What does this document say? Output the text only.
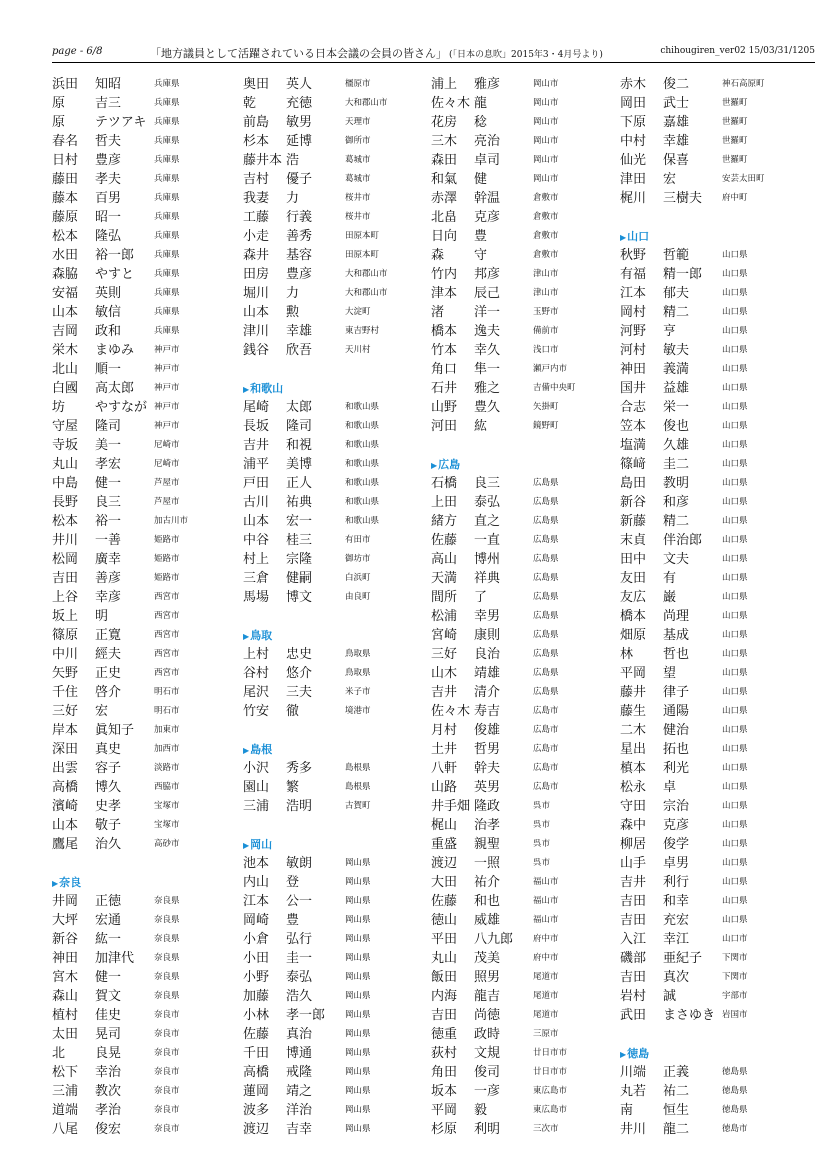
page - 6/8	「地方議員として活躍されている日本会議の会員の皆さん」 (「日本の息吹」2015年3・4月号より)	chihougiren_ver02 15/03/31/1205
浜田 知昭	兵庫県
原 吉三	兵庫県
原 テツアキ 兵庫県
春名 哲夫	兵庫県
日村 豊彦	兵庫県
藤田 孝夫	兵庫県
藤本 百男	兵庫県
藤原 昭一	兵庫県
松本 隆弘	兵庫県
水田 裕一郎 兵庫県
森脇 やすと 兵庫県
安福 英則	兵庫県
山本 敏信	兵庫県
吉岡 政和	兵庫県
栄木 まゆみ 神戸市
北山 順一	神戸市
白國 高太郎 神戸市
坊 やすなが 神戸市
守屋 隆司	神戸市
寺坂 美一	尼崎市
丸山 孝宏	尼崎市
中島 健一	芦屋市
長野 良三	芦屋市
松本 裕一	加古川市
井川 一善	姫路市
松岡 廣幸	姫路市
吉田 善彦	姫路市
上谷 幸彦	西宮市
坂上 明	西宮市
篠原 正寛	西宮市
中川 經夫	西宮市
矢野 正史	西宮市
千住 啓介	明石市
三好 宏	明石市
岸本 眞知子 加東市
深田 真史	加西市
出雲 容子	淡路市
高橋 博久	西脇市
濱崎 史孝	宝塚市
山本 敬子	宝塚市
鷹尾 治久	高砂市
▶ 奈良
井岡 正徳	奈良県
大坪 宏通	奈良県
新谷 紘一	奈良県
神田 加津代 奈良県
宮木 健一	奈良県
森山 賀文	奈良県
植村 佳史	奈良市
太田 晃司	奈良市
北 良晃	奈良市
松下 幸治	奈良市
三浦 教次	奈良市
道端 孝治	奈良市
八尾 俊宏	奈良市
奥田 英人	橿原市
乾 充徳	大和郡山市
前島 敏男	天理市
杉本 延博	御所市
藤井本 浩	葛城市
吉村 優子	葛城市
我妻 力	桜井市
工藤 行義	桜井市
小走 善秀	田原本町
森井 基容	田原本町
田房 豊彦	大和郡山市
堀川 力	大和郡山市
山本 勲	大淀町
津川 幸雄	東吉野村
銭谷 欣吾	天川村
▶ 和歌山
尾崎 太郎	和歌山県
長坂 隆司	和歌山県
吉井 和視	和歌山県
浦平 美博	和歌山県
戸田 正人	和歌山県
古川 祐典	和歌山県
山本 宏一	和歌山県
中谷 桂三	有田市
村上 宗隆	御坊市
三倉 健嗣	白浜町
馬場 博文	由良町
▶ 鳥取
上村 忠史	鳥取県
谷村 悠介	鳥取県
尾沢 三夫	米子市
竹安 徹	境港市
▶ 島根
小沢 秀多	島根県
園山 繁	島根県
三浦 浩明	古賀町
▶ 岡山
池本 敏朗	岡山県
内山 登	岡山県
江本 公一	岡山県
岡崎 豊	岡山県
小倉 弘行	岡山県
小田 圭一	岡山県
小野 泰弘	岡山県
加藤 浩久	岡山県
小林 孝一郎 岡山県
佐藤 真治	岡山県
千田 博通	岡山県
高橋 戒隆	岡山県
蓮岡 靖之	岡山県
波多 洋治	岡山県
渡辺 吉幸	岡山県
浦上 雅彦	岡山市
佐々木 龍	岡山市
花房 稔	岡山市
三木 亮治	岡山市
森田 卓司	岡山市
和氣 健	岡山市
赤澤 幹温	倉敷市
北畠 克彦	倉敷市
日向 豊	倉敷市
森 守	倉敷市
竹内 邦彦	津山市
津本 辰己	津山市
渚 洋一	玉野市
橋本 逸夫	備前市
竹本 幸久	浅口市
角口 隼一	瀬戸内市
石井 雅之	吉備中央町
山野 豊久	矢掛町
河田 紘	鏡野町
▶ 広島
石橋 良三	広島県
上田 泰弘	広島県
緒方 直之	広島県
佐藤 一直	広島県
高山 博州	広島県
天満 祥典	広島県
間所 了	広島県
松浦 幸男	広島県
宮崎 康則	広島県
三好 良治	広島県
山木 靖雄	広島県
吉井 清介	広島県
佐々木 寿吉	広島市
月村 俊雄	広島市
土井 哲男	広島市
八軒 幹夫	広島市
山路 英男	広島市
井手畑 隆政	呉市
梶山 治孝	呉市
重盛 親聖	呉市
渡辺 一照	呉市
大田 祐介	福山市
佐藤 和也	福山市
徳山 威雄	福山市
平田 八九郎 府中市
丸山 茂美	府中市
飯田 照男	尾道市
内海 龍吉	尾道市
吉田 尚徳	尾道市
徳重 政時	三原市
荻村 文規	廿日市市
角田 俊司	廿日市市
坂本 一彦	東広島市
平岡 毅	東広島市
杉原 利明	三次市
赤木 俊二	神石高原町
岡田 武士	世羅町
下原 嘉雄	世羅町
中村 幸雄	世羅町
仙光 保喜	世羅町
津田 宏	安芸太田町
梶川 三樹夫 府中町
▶ 山口
秋野 哲範	山口県
有福 精一郎 山口県
江本 郁夫	山口県
岡村 精二	山口県
河野 亨	山口県
河村 敏夫	山口県
神田 義満	山口県
国井 益雄	山口県
合志 栄一	山口県
笠本 俊也	山口県
塩満 久雄	山口県
篠﨑 圭二	山口県
島田 教明	山口県
新谷 和彦	山口県
新藤 精二	山口県
末貞 伴治郎 山口県
田中 文夫	山口県
友田 有	山口県
友広 巌	山口県
橋本 尚理	山口県
畑原 基成	山口県
林 哲也	山口県
平岡 望	山口県
藤井 律子	山口県
藤生 通陽	山口県
二木 健治	山口県
星出 拓也	山口県
槙本 利光	山口県
松永 卓	山口県
守田 宗治	山口県
森中 克彦	山口県
柳居 俊学	山口県
山手 卓男	山口県
吉井 利行	山口県
吉田 和幸	山口県
吉田 充宏	山口県
入江 幸江	山口市
磯部 亜紀子 下関市
吉田 真次	下関市
岩村 誠	宇部市
武田 まさゆき 岩国市
▶ 徳島
川端 正義	徳島県
丸若 祐二	徳島県
南 恒生	徳島県
井川 龍二	徳島市
